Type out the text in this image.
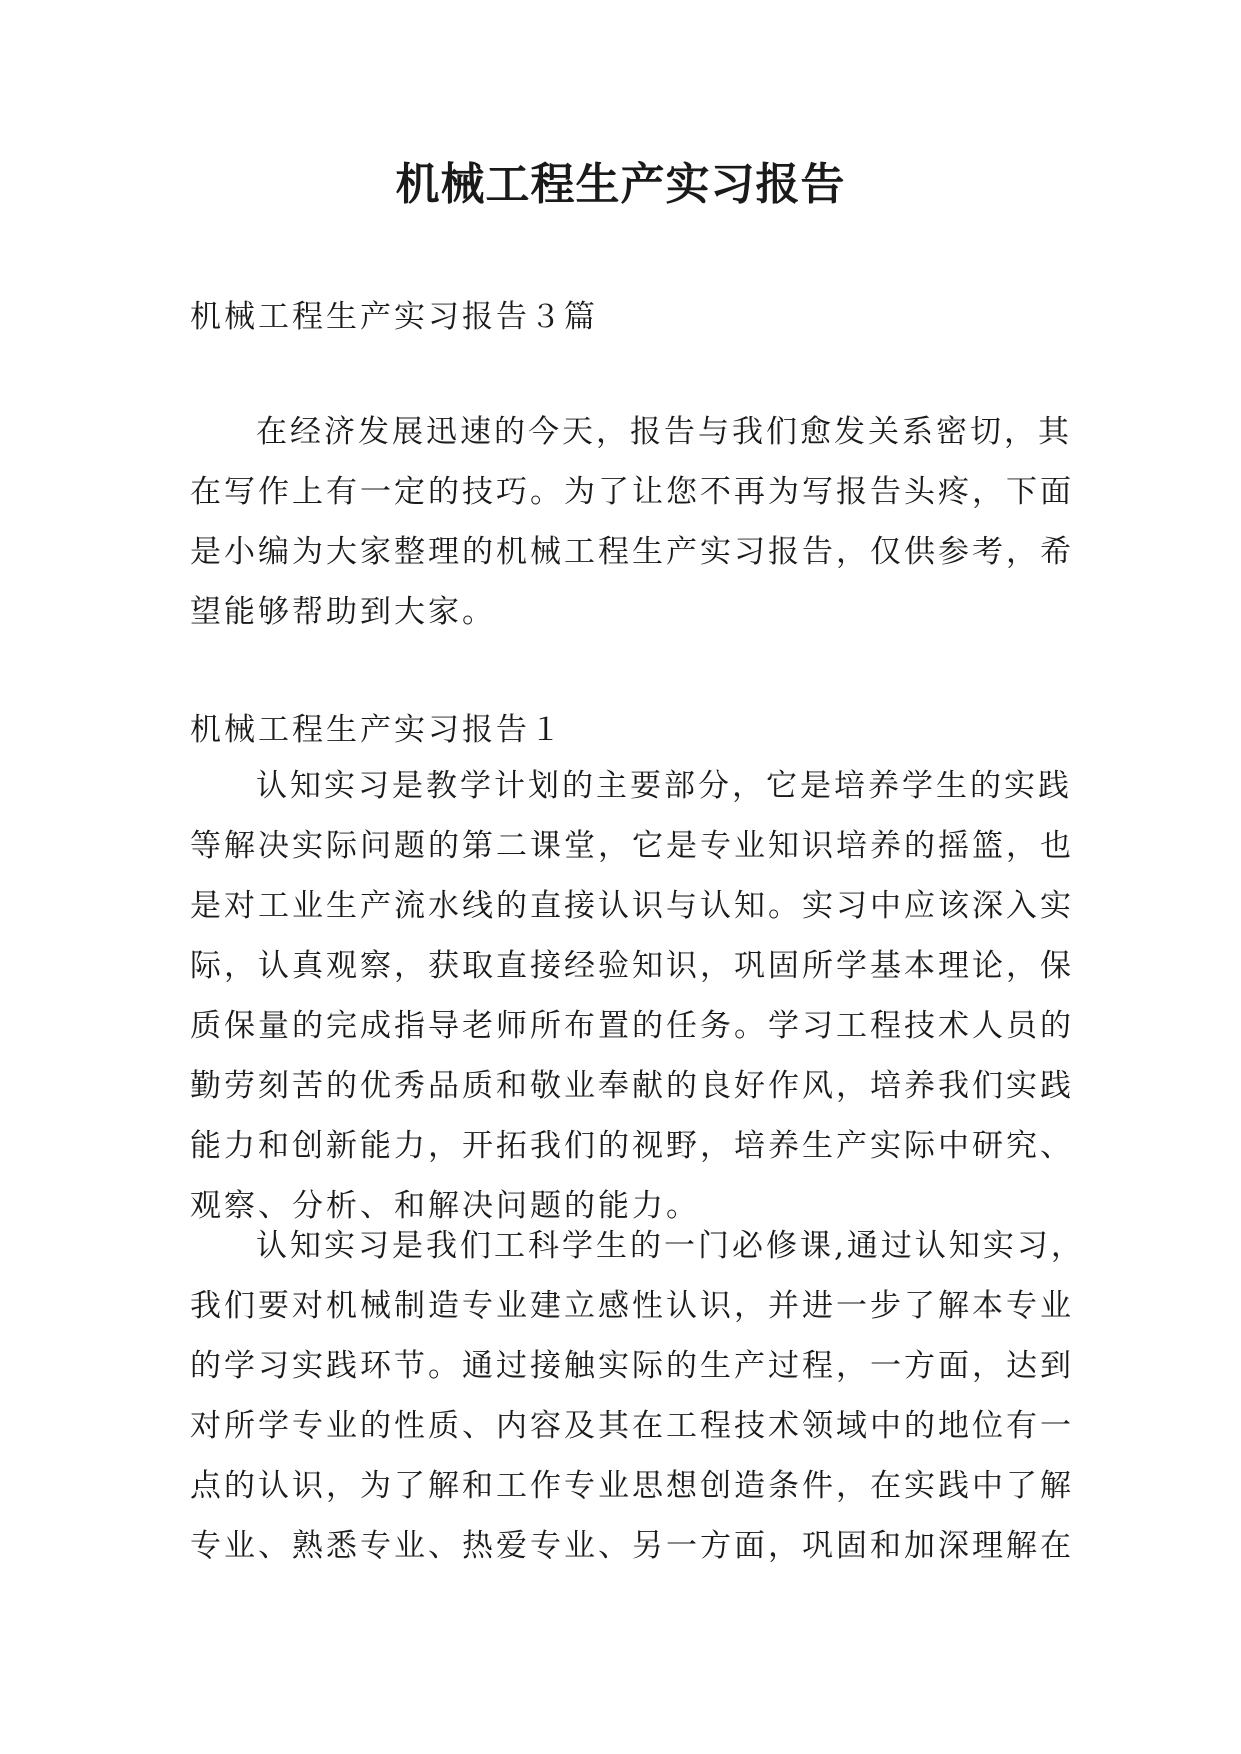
机械工程生产实习报告

机械工程生产实习报告３篇

在经济发展迅速的今天，报告与我们愈发关系密切，其
在写作上有一定的技巧。为了让您不再为写报告头疼，下面
是小编为大家整理的机械工程生产实习报告，仅供参考，希
望能够帮助到大家。

机械工程生产实习报告１

认知实习是教学计划的主要部分，它是培养学生的实践
等解决实际问题的第二课堂，它是专业知识培养的摇篮，也
是对工业生产流水线的直接认识与认知。实习中应该深入实
际，认真观察，获取直接经验知识，巩固所学基本理论，保
质保量的完成指导老师所布置的任务。学习工程技术人员的
勤劳刻苦的优秀品质和敬业奉献的良好作风，培养我们实践
能力和创新能力，开拓我们的视野，培养生产实际中研究、
观察、分析、和解决问题的能力。
认知实习是我们工科学生的一门必修课,通过认知实习，
我们要对机械制造专业建立感性认识，并进一步了解本专业
的学习实践环节。通过接触实际的生产过程，一方面，达到
对所学专业的性质、内容及其在工程技术领域中的地位有一
点的认识，为了解和工作专业思想创造条件，在实践中了解
专业、熟悉专业、热爱专业、另一方面，巩固和加深理解在
